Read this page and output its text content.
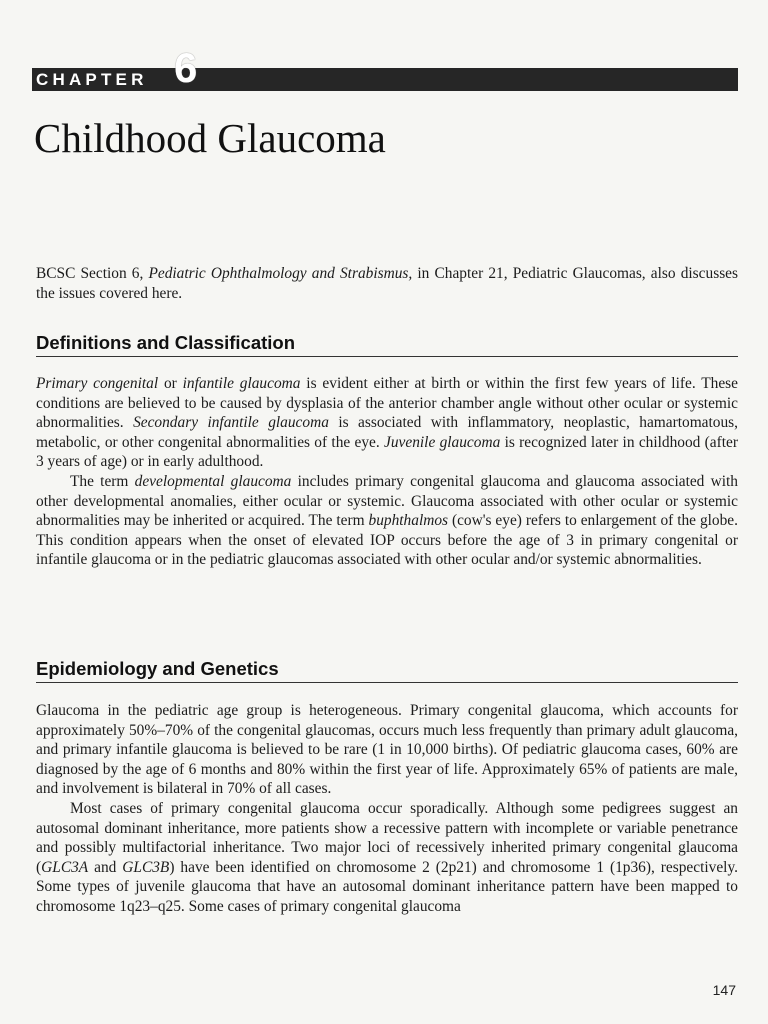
CHAPTER 6
Childhood Glaucoma

BCSC Section 6, Pediatric Ophthalmology and Strabismus, in Chapter 21, Pediatric Glaucomas, also discusses the issues covered here.

Definitions and Classification

Primary congenital or infantile glaucoma is evident either at birth or within the first few years of life. These conditions are believed to be caused by dysplasia of the anterior chamber angle without other ocular or systemic abnormalities. Secondary infantile glaucoma is associated with inflammatory, neoplastic, hamartomatous, metabolic, or other congenital abnormalities of the eye. Juvenile glaucoma is recognized later in childhood (after 3 years of age) or in early adulthood.

The term developmental glaucoma includes primary congenital glaucoma and glaucoma associated with other developmental anomalies, either ocular or systemic. Glaucoma associated with other ocular or systemic abnormalities may be inherited or acquired. The term buphthalmos (cow's eye) refers to enlargement of the globe. This condition appears when the onset of elevated IOP occurs before the age of 3 in primary congenital or infantile glaucoma or in the pediatric glaucomas associated with other ocular and/or systemic abnormalities.

Epidemiology and Genetics

Glaucoma in the pediatric age group is heterogeneous. Primary congenital glaucoma, which accounts for approximately 50%–70% of the congenital glaucomas, occurs much less frequently than primary adult glaucoma, and primary infantile glaucoma is believed to be rare (1 in 10,000 births). Of pediatric glaucoma cases, 60% are diagnosed by the age of 6 months and 80% within the first year of life. Approximately 65% of patients are male, and involvement is bilateral in 70% of all cases.

Most cases of primary congenital glaucoma occur sporadically. Although some pedigrees suggest an autosomal dominant inheritance, more patients show a recessive pattern with incomplete or variable penetrance and possibly multifactorial inheritance. Two major loci of recessively inherited primary congenital glaucoma (GLC3A and GLC3B) have been identified on chromosome 2 (2p21) and chromosome 1 (1p36), respectively. Some types of juvenile glaucoma that have an autosomal dominant inheritance pattern have been mapped to chromosome 1q23–q25. Some cases of primary congenital glaucoma

147
